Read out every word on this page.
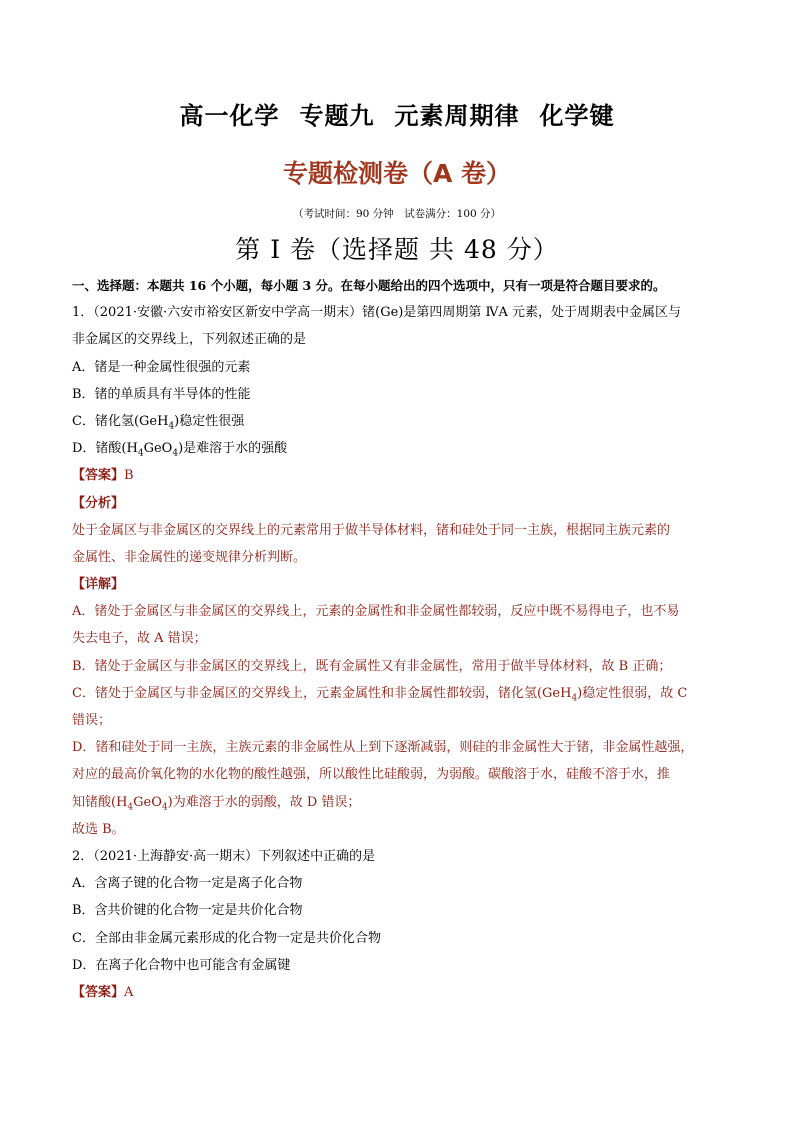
高一化学 专题九 元素周期律 化学键
专题检测卷（A 卷）
（考试时间：90 分钟　试卷满分：100 分）
第 I 卷（选择题 共 48 分）
一、选择题：本题共 16 个小题，每小题 3 分。在每小题给出的四个选项中，只有一项是符合题目要求的。
1．（2021·安徽·六安市裕安区新安中学高一期末）锗(Ge)是第四周期第 ⅣA 元素，处于周期表中金属区与
非金属区的交界线上，下列叙述正确的是
A．锗是一种金属性很强的元素
B．锗的单质具有半导体的性能
C．锗化氢(GeH$_4$)稳定性很强
D．锗酸$(H_4GeO_4)$是难溶于水的强酸
【答案】B
【分析】
处于金属区与非金属区的交界线上的元素常用于做半导体材料，锗和硅处于同一主族，根据同主族元素的
金属性、非金属性的递变规律分析判断。
【详解】
A．锗处于金属区与非金属区的交界线上，元素的金属性和非金属性都较弱，反应中既不易得电子，也不易
失去电子，故 A 错误；
B．锗处于金属区与非金属区的交界线上，既有金属性又有非金属性，常用于做半导体材料，故 B 正确；
C．锗处于金属区与非金属区的交界线上，元素金属性和非金属性都较弱，锗化氢(GeH$_4$)稳定性很弱，故 C
错误；
D．锗和硅处于同一主族，主族元素的非金属性从上到下逐渐减弱，则硅的非金属性大于锗，非金属性越强，
对应的最高价氧化物的水化物的酸性越强，所以酸性比硅酸弱，为弱酸。碳酸溶于水，硅酸不溶于水，推
知锗酸$(H_4GeO_4)$为难溶于水的弱酸，故 D 错误；
故选 B。
2．（2021·上海静安·高一期末）下列叙述中正确的是
A．含离子键的化合物一定是离子化合物
B．含共价键的化合物一定是共价化合物
C．全部由非金属元素形成的化合物一定是共价化合物
D．在离子化合物中也可能含有金属键
【答案】A
